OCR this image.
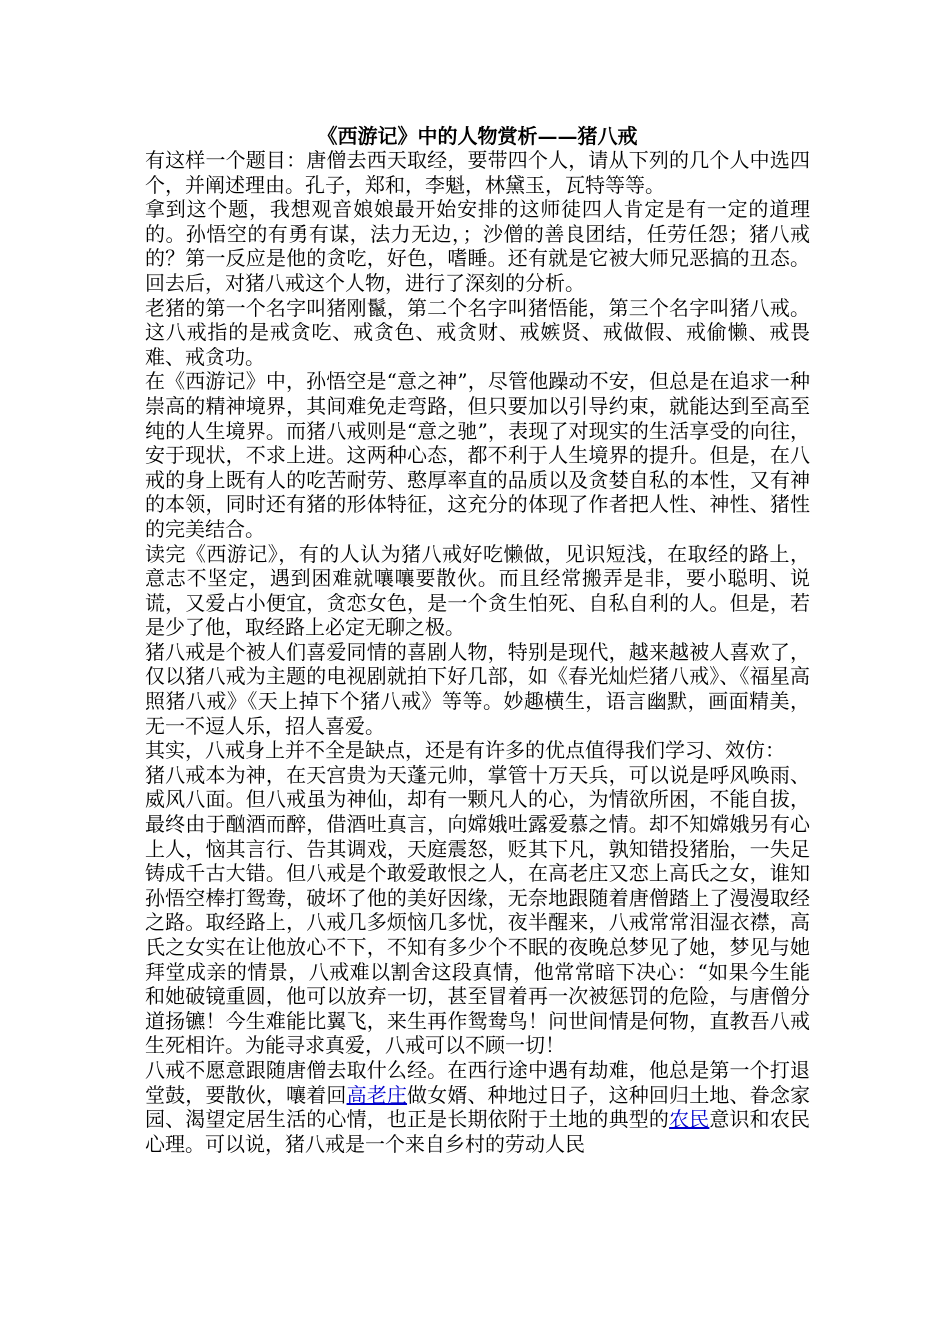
《西游记》中的人物赏析——猪八戒

有这样一个题目：唐僧去西天取经，要带四个人，请从下列的几个人中选四个，并阐述理由。孔子，郑和，李魁，林黛玉，瓦特等等。

拿到这个题，我想观音娘娘最开始安排的这师徒四人肯定是有一定的道理的。孙悟空的有勇有谋，法力无边，；沙僧的善良团结，任劳任怨；猪八戒的？第一反应是他的贪吃，好色，嗜睡。还有就是它被大师兄恶搞的丑态。回去后，对猪八戒这个人物，进行了深刻的分析。

老猪的第一个名字叫猪刚鬣，第二个名字叫猪悟能，第三个名字叫猪八戒。这八戒指的是戒贪吃、戒贪色、戒贪财、戒嫉贤、戒做假、戒偷懒、戒畏难、戒贪功。

在《西游记》中，孙悟空是“意之神”，尽管他躁动不安，但总是在追求一种崇高的精神境界，其间难免走弯路，但只要加以引导约束，就能达到至高至纯的人生境界。而猪八戒则是“意之驰”，表现了对现实的生活享受的向往，安于现状，不求上进。这两种心态，都不利于人生境界的提升。但是，在八戒的身上既有人的吃苦耐劳、憨厚率直的品质以及贪婪自私的本性，又有神的本领，同时还有猪的形体特征，这充分的体现了作者把人性、神性、猪性的完美结合。

读完《西游记》，有的人认为猪八戒好吃懒做，见识短浅，在取经的路上，意志不坚定，遇到困难就嚷嚷要散伙。而且经常搬弄是非，要小聪明、说谎，又爱占小便宜，贪恋女色，是一个贪生怕死、自私自利的人。但是，若是少了他，取经路上必定无聊之极。

猪八戒是个被人们喜爱同情的喜剧人物，特别是现代，越来越被人喜欢了，仅以猪八戒为主题的电视剧就拍下好几部，如《春光灿烂猪八戒》、《福星高照猪八戒》《天上掉下个猪八戒》等等。妙趣横生，语言幽默，画面精美，无一不逗人乐，招人喜爱。

其实，八戒身上并不全是缺点，还是有许多的优点值得我们学习、效仿：

猪八戒本为神，在天宫贵为天蓬元帅，掌管十万天兵，可以说是呼风唤雨、威风八面。但八戒虽为神仙，却有一颗凡人的心，为情欲所困，不能自拔，最终由于酗酒而醉，借酒吐真言，向嫦娥吐露爱慕之情。却不知嫦娥另有心上人，恼其言行、告其调戏，天庭震怒，贬其下凡，孰知错投猪胎，一失足铸成千古大错。但八戒是个敢爱敢恨之人，在高老庄又恋上高氏之女，谁知孙悟空棒打鸳鸯，破坏了他的美好因缘，无奈地跟随着唐僧踏上了漫漫取经之路。取经路上，八戒几多烦恼几多忧，夜半醒来，八戒常常泪湿衣襟，高氏之女实在让他放心不下，不知有多少个不眠的夜晚总梦见了她，梦见与她拜堂成亲的情景，八戒难以割舍这段真情，他常常暗下决心：“如果今生能和她破镜重圆，他可以放弃一切，甚至冒着再一次被惩罚的危险，与唐僧分道扬镳！今生难能比翼飞，来生再作鸳鸯鸟！问世间情是何物，直教吾八戒生死相许。为能寻求真爱，八戒可以不顾一切！

八戒不愿意跟随唐僧去取什么经。在西行途中遇有劫难，他总是第一个打退堂鼓，要散伙，嚷着回高老庄做女婿、种地过日子，这种回归土地、眷念家园、渴望定居生活的心情，也正是长期依附于土地的典型的农民意识和农民心理。可以说，猪八戒是一个来自乡村的劳动人民
